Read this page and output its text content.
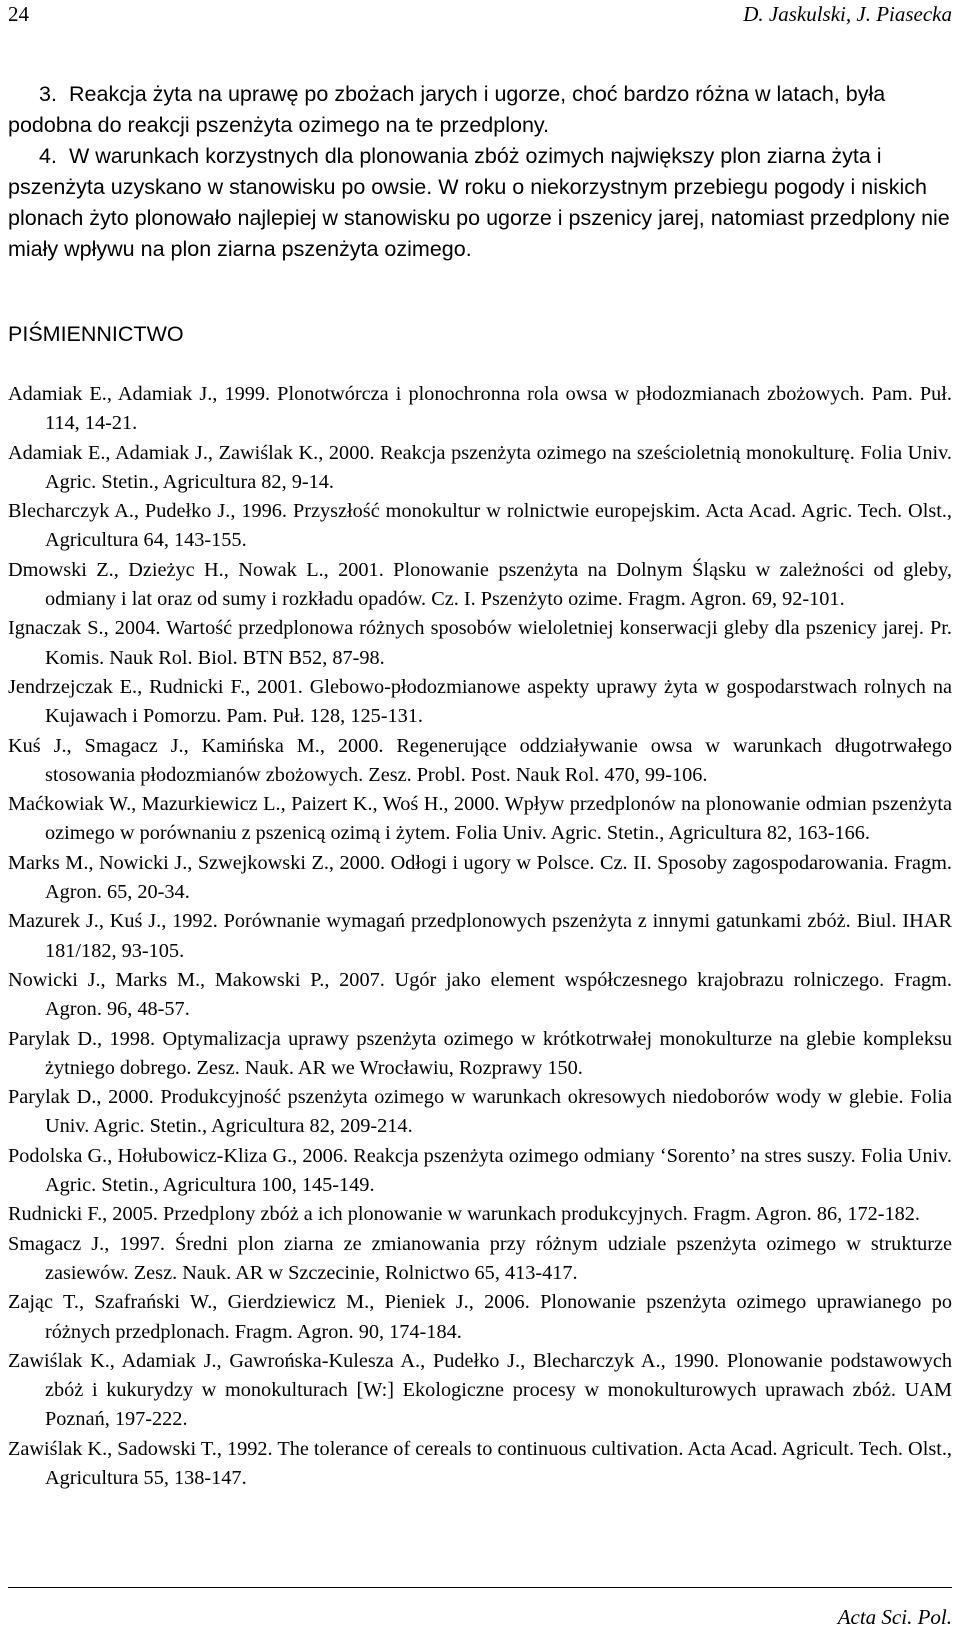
24	D. Jaskulski, J. Piasecka

3. Reakcja żyta na uprawę po zbożach jarych i ugorze, choć bardzo różna w latach, była podobna do reakcji pszenżyta ozimego na te przedplony.

4. W warunkach korzystnych dla plonowania zbóż ozimych największy plon ziarna żyta i pszenżyta uzyskano w stanowisku po owsie. W roku o niekorzystnym przebiegu pogody i niskich plonach żyto plonowało najlepiej w stanowisku po ugorze i pszenicy jarej, natomiast przedplony nie miały wpływu na plon ziarna pszenżyta ozimego.

PIŚMIENNICTWO

Adamiak E., Adamiak J., 1999. Plonotwórcza i plonochronna rola owsa w płodozmianach zbożowych. Pam. Puł. 114, 14-21.

Adamiak E., Adamiak J., Zawiślak K., 2000. Reakcja pszenżyta ozimego na sześcioletnią monokulturę. Folia Univ. Agric. Stetin., Agricultura 82, 9-14.

Blecharczyk A., Pudełko J., 1996. Przyszłość monokultur w rolnictwie europejskim. Acta Acad. Agric. Tech. Olst., Agricultura 64, 143-155.

Dmowski Z., Dzieżyc H., Nowak L., 2001. Plonowanie pszenżyta na Dolnym Śląsku w zależności od gleby, odmiany i lat oraz od sumy i rozkładu opadów. Cz. I. Pszenżyto ozime. Fragm. Agron. 69, 92-101.

Ignaczak S., 2004. Wartość przedplonowa różnych sposobów wieloletniej konserwacji gleby dla pszenicy jarej. Pr. Komis. Nauk Rol. Biol. BTN B52, 87-98.

Jendrzejczak E., Rudnicki F., 2001. Glebowo-płodozmianowe aspekty uprawy żyta w gospodarstwach rolnych na Kujawach i Pomorzu. Pam. Puł. 128, 125-131.

Kuś J., Smagacz J., Kamińska M., 2000. Regenerujące oddziaływanie owsa w warunkach długotrwałego stosowania płodozmianów zbożowych. Zesz. Probl. Post. Nauk Rol. 470, 99-106.

Maćkowiak W., Mazurkiewicz L., Paizert K., Woś H., 2000. Wpływ przedplonów na plonowanie odmian pszenżyta ozimego w porównaniu z pszenicą ozimą i żytem. Folia Univ. Agric. Stetin., Agricultura 82, 163-166.

Marks M., Nowicki J., Szwejkowski Z., 2000. Odłogi i ugory w Polsce. Cz. II. Sposoby zagospodarowania. Fragm. Agron. 65, 20-34.

Mazurek J., Kuś J., 1992. Porównanie wymagań przedplonowych pszenżyta z innymi gatunkami zbóż. Biul. IHAR 181/182, 93-105.

Nowicki J., Marks M., Makowski P., 2007. Ugór jako element współczesnego krajobrazu rolniczego. Fragm. Agron. 96, 48-57.

Parylak D., 1998. Optymalizacja uprawy pszenżyta ozimego w krótkotrwałej monokulturze na glebie kompleksu żytniego dobrego. Zesz. Nauk. AR we Wrocławiu, Rozprawy 150.

Parylak D., 2000. Produkcyjność pszenżyta ozimego w warunkach okresowych niedoborów wody w glebie. Folia Univ. Agric. Stetin., Agricultura 82, 209-214.

Podolska G., Hołubowicz-Kliza G., 2006. Reakcja pszenżyta ozimego odmiany ‘Sorento’ na stres suszy. Folia Univ. Agric. Stetin., Agricultura 100, 145-149.

Rudnicki F., 2005. Przedplony zbóż a ich plonowanie w warunkach produkcyjnych. Fragm. Agron. 86, 172-182.

Smagacz J., 1997. Średni plon ziarna ze zmianowania przy różnym udziale pszenżyta ozimego w strukturze zasiewów. Zesz. Nauk. AR w Szczecinie, Rolnictwo 65, 413-417.

Zając T., Szafrański W., Gierdziewicz M., Pieniek J., 2006. Plonowanie pszenżyta ozimego uprawianego po różnych przedplonach. Fragm. Agron. 90, 174-184.

Zawiślak K., Adamiak J., Gawrońska-Kulesza A., Pudełko J., Blecharczyk A., 1990. Plonowanie podstawowych zbóż i kukurydzy w monokulturach [W:] Ekologiczne procesy w monokulturowych uprawach zbóż. UAM Poznań, 197-222.

Zawiślak K., Sadowski T., 1992. The tolerance of cereals to continuous cultivation. Acta Acad. Agricult. Tech. Olst., Agricultura 55, 138-147.

Acta Sci. Pol.
